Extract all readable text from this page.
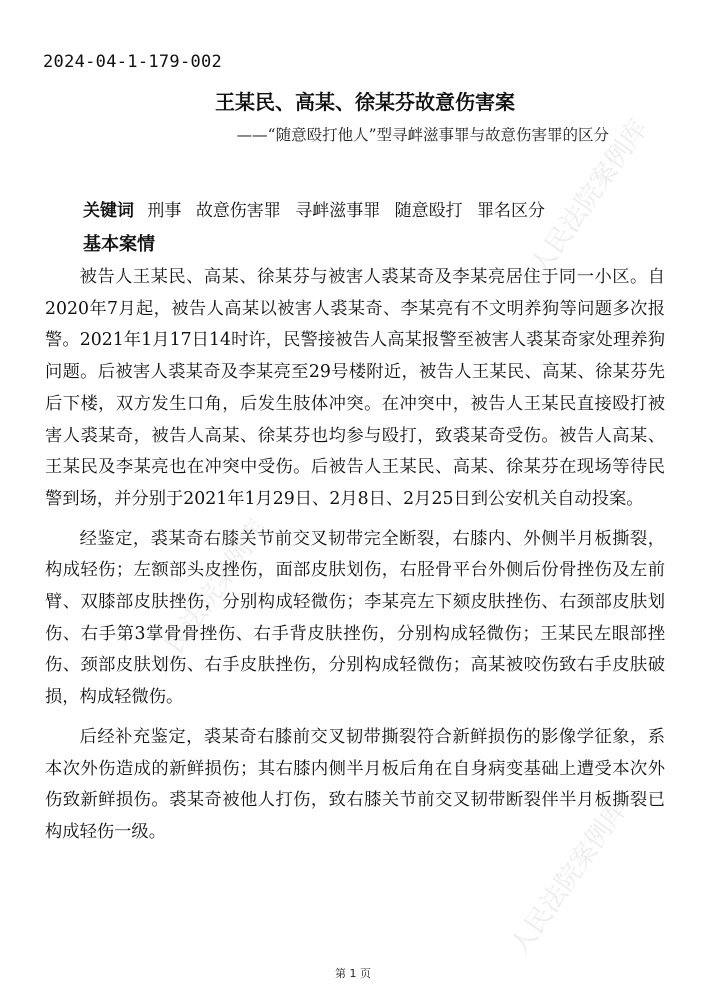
人民法院案例库
人民法院案例库
人民法院案例库
2024-04-1-179-002
王某民、高某、徐某芬故意伤害案
——“随意殴打他人”型寻衅滋事罪与故意伤害罪的区分
关键词 刑事 故意伤害罪 寻衅滋事罪 随意殴打 罪名区分
基本案情

被告人王某民、高某、徐某芬与被害人裘某奇及李某亮居住于同一小区。自2020年7月起，被告人高某以被害人裘某奇、李某亮有不文明养狗等问题多次报警。2021年1月17日14时许，民警接被告人高某报警至被害人裘某奇家处理养狗问题。后被害人裘某奇及李某亮至29号楼附近，被告人王某民、高某、徐某芬先后下楼，双方发生口角，后发生肢体冲突。在冲突中，被告人王某民直接殴打被害人裘某奇，被告人高某、徐某芬也均参与殴打，致裘某奇受伤。被告人高某、王某民及李某亮也在冲突中受伤。后被告人王某民、高某、徐某芬在现场等待民警到场，并分别于2021年1月29日、2月8日、2月25日到公安机关自动投案。

经鉴定，裘某奇右膝关节前交叉韧带完全断裂，右膝内、外侧半月板撕裂，构成轻伤；左额部头皮挫伤，面部皮肤划伤，右胫骨平台外侧后份骨挫伤及左前臂、双膝部皮肤挫伤，分别构成轻微伤；李某亮左下颏皮肤挫伤、右颈部皮肤划伤、右手第3掌骨骨挫伤、右手背皮肤挫伤，分别构成轻微伤；王某民左眼部挫伤、颈部皮肤划伤、右手皮肤挫伤，分别构成轻微伤；高某被咬伤致右手皮肤破损，构成轻微伤。

后经补充鉴定，裘某奇右膝前交叉韧带撕裂符合新鲜损伤的影像学征象，系本次外伤造成的新鲜损伤；其右膝内侧半月板后角在自身病变基础上遭受本次外伤致新鲜损伤。裘某奇被他人打伤，致右膝关节前交叉韧带断裂伴半月板撕裂已构成轻伤一级。

第 1 页
